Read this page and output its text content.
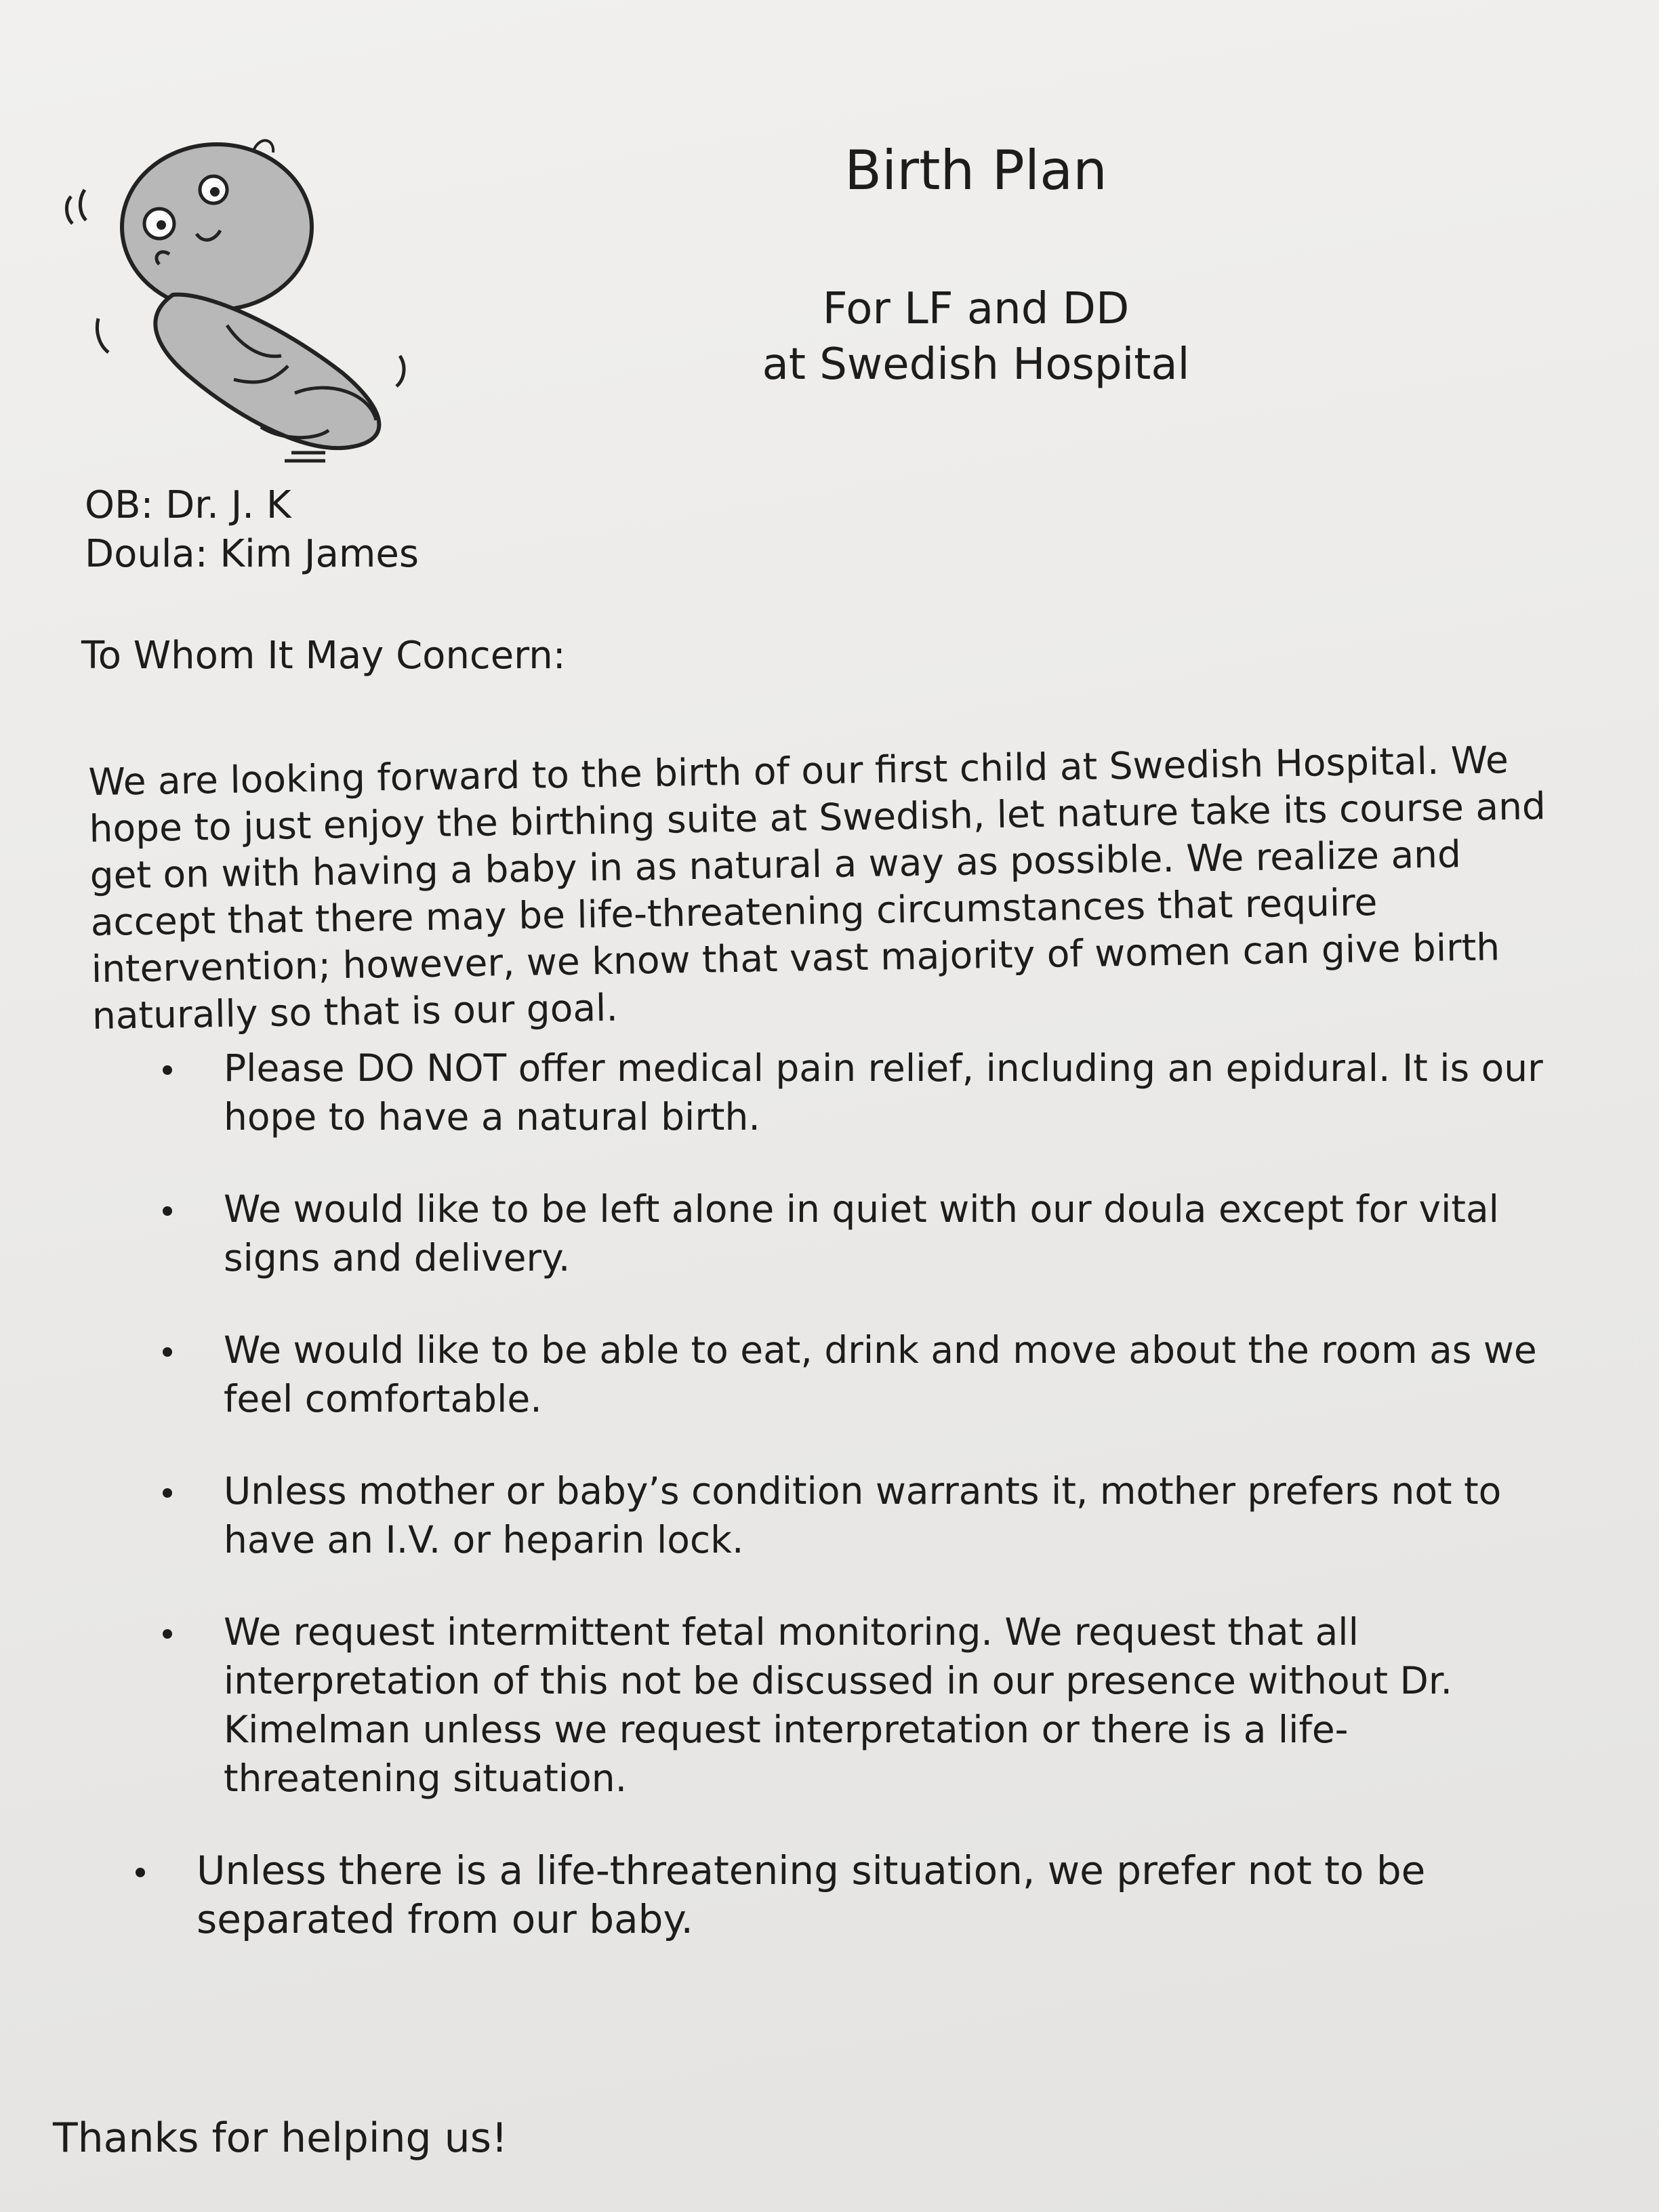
Birth Plan
For LF and DD
at Swedish Hospital
OB: Dr. J. K
Doula: Kim James
To Whom It May Concern:

We are looking forward to the birth of our first child at Swedish Hospital. We hope to just enjoy the birthing suite at Swedish, let nature take its course and get on with having a baby in as natural a way as possible. We realize and accept that there may be life-threatening circumstances that require intervention; however, we know that vast majority of women can give birth naturally so that is our goal.

Please DO NOT offer medical pain relief, including an epidural. It is our hope to have a natural birth.
We would like to be left alone in quiet with our doula except for vital signs and delivery.
We would like to be able to eat, drink and move about the room as we feel comfortable.
Unless mother or baby’s condition warrants it, mother prefers not to have an I.V. or heparin lock.
We request intermittent fetal monitoring. We request that all interpretation of this not be discussed in our presence without Dr. Kimelman unless we request interpretation or there is a life-threatening situation.
Unless there is a life-threatening situation, we prefer not to be separated from our baby.
Thanks for helping us!
